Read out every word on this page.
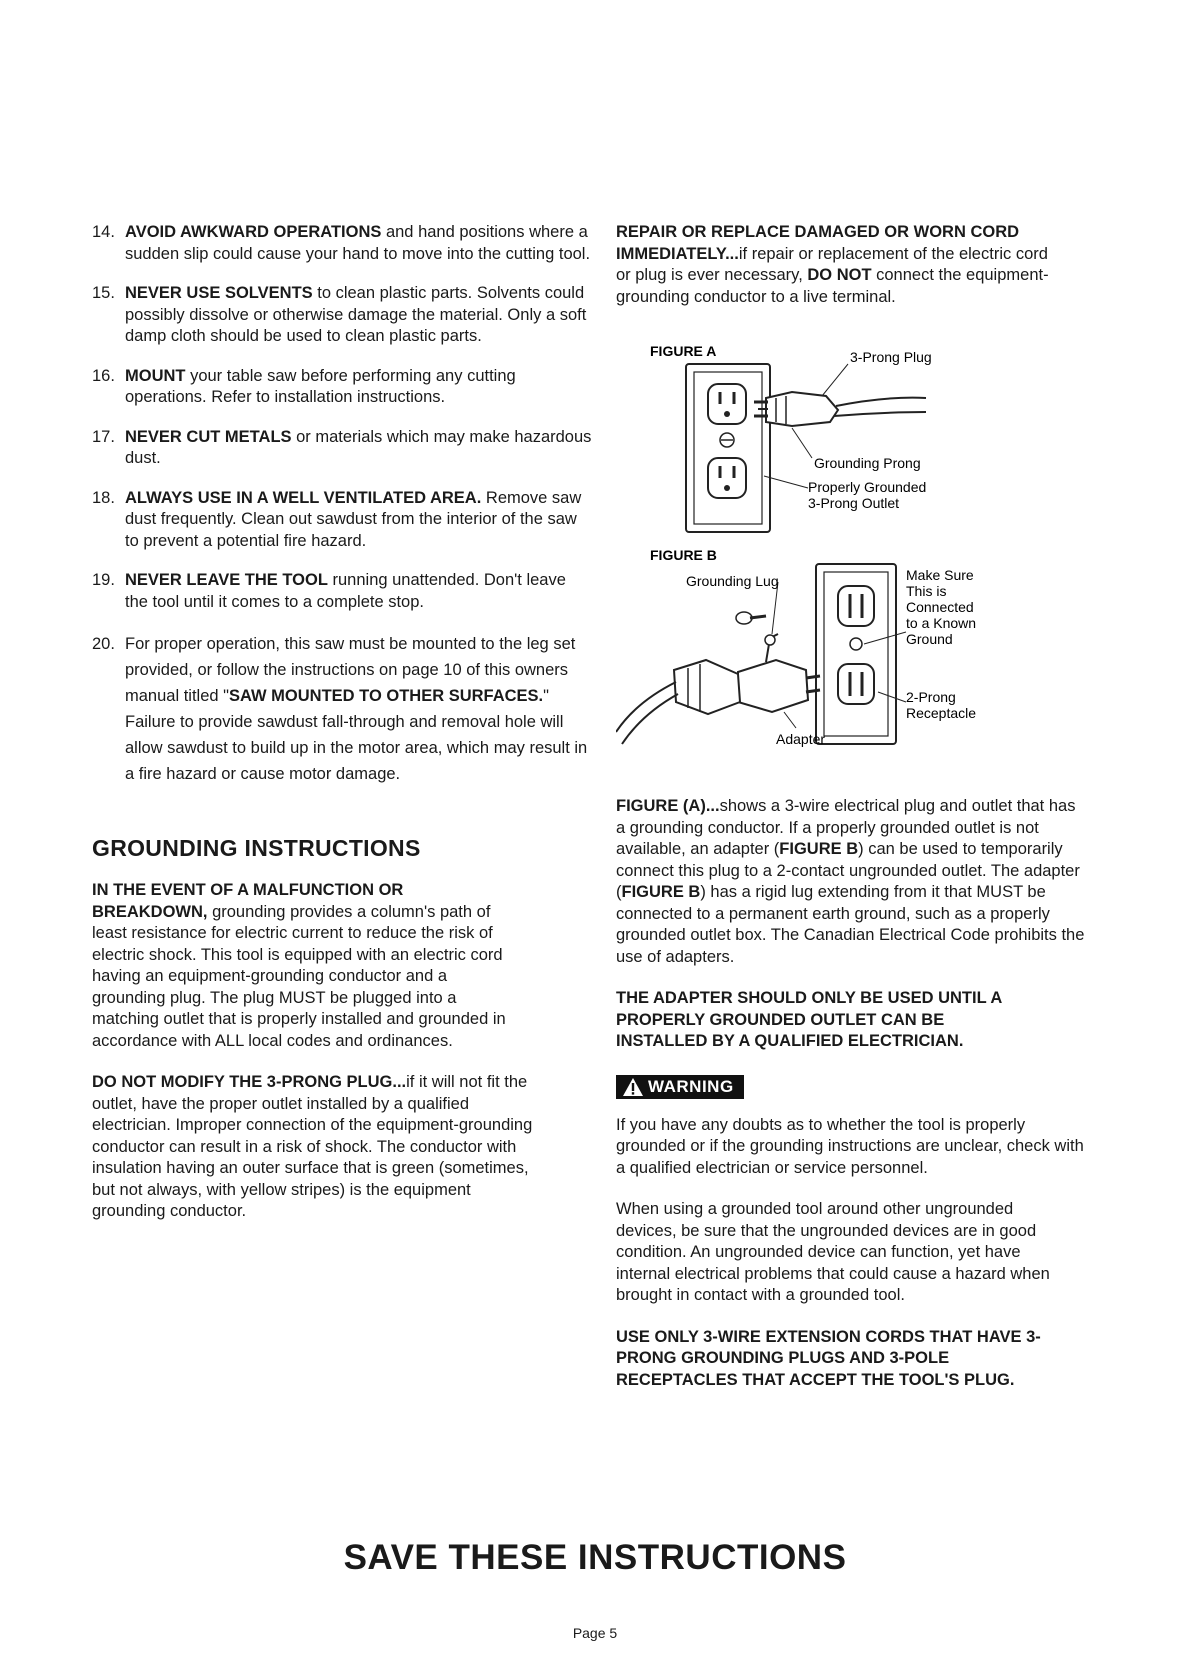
14. AVOID AWKWARD OPERATIONS and hand positions where a sudden slip could cause your hand to move into the cutting tool.
15. NEVER USE SOLVENTS to clean plastic parts. Solvents could possibly dissolve or otherwise damage the material. Only a soft damp cloth should be used to clean plastic parts.
16. MOUNT your table saw before performing any cutting operations. Refer to installation instructions.
17. NEVER CUT METALS or materials which may make hazardous dust.
18. ALWAYS USE IN A WELL VENTILATED AREA. Remove saw dust frequently. Clean out sawdust from the interior of the saw to prevent a potential fire hazard.
19. NEVER LEAVE THE TOOL running unattended. Don't leave the tool until it comes to a complete stop.
20. For proper operation, this saw must be mounted to the leg set provided, or follow the instructions on page 10 of this owners manual titled "SAW MOUNTED TO OTHER SURFACES." Failure to provide sawdust fall-through and removal hole will allow sawdust to build up in the motor area, which may result in a fire hazard or cause motor damage.
GROUNDING INSTRUCTIONS

IN THE EVENT OF A MALFUNCTION OR BREAKDOWN, grounding provides a column's path of least resistance for electric current to reduce the risk of electric shock. This tool is equipped with an electric cord having an equipment-grounding conductor and a grounding plug. The plug MUST be plugged into a matching outlet that is properly installed and grounded in accordance with ALL local codes and ordinances.

DO NOT MODIFY THE 3-PRONG PLUG...if it will not fit the outlet, have the proper outlet installed by a qualified electrician. Improper connection of the equipment-grounding conductor can result in a risk of shock. The conductor with insulation having an outer surface that is green (sometimes, but not always, with yellow stripes) is the equipment grounding conductor.

REPAIR OR REPLACE DAMAGED OR WORN CORD IMMEDIATELY...if repair or replacement of the electric cord or plug is ever necessary, DO NOT connect the equipment-grounding conductor to a live terminal.

FIGURE A	3-Prong Plug
Grounding Prong
Properly Grounded
3-Prong Outlet
FIGURE B
Grounding Lug
Adapter
Make Sure
This is
Connected
to a Known
Ground
2-Prong
Receptacle

FIGURE (A)...shows a 3-wire electrical plug and outlet that has a grounding conductor. If a properly grounded outlet is not available, an adapter (FIGURE B) can be used to temporarily connect this plug to a 2-contact ungrounded outlet. The adapter (FIGURE B) has a rigid lug extending from it that MUST be connected to a permanent earth ground, such as a properly grounded outlet box. The Canadian Electrical Code prohibits the use of adapters.

THE ADAPTER SHOULD ONLY BE USED UNTIL A PROPERLY GROUNDED OUTLET CAN BE INSTALLED BY A QUALIFIED ELECTRICIAN.

WARNING

If you have any doubts as to whether the tool is properly grounded or if the grounding instructions are unclear, check with a qualified electrician or service personnel.

When using a grounded tool around other ungrounded devices, be sure that the ungrounded devices are in good condition. An ungrounded device can function, yet have internal electrical problems that could cause a hazard when brought in contact with a grounded tool.

USE ONLY 3-WIRE EXTENSION CORDS THAT HAVE 3-PRONG GROUNDING PLUGS AND 3-POLE RECEPTACLES THAT ACCEPT THE TOOL'S PLUG.

SAVE THESE INSTRUCTIONS
Page 5
